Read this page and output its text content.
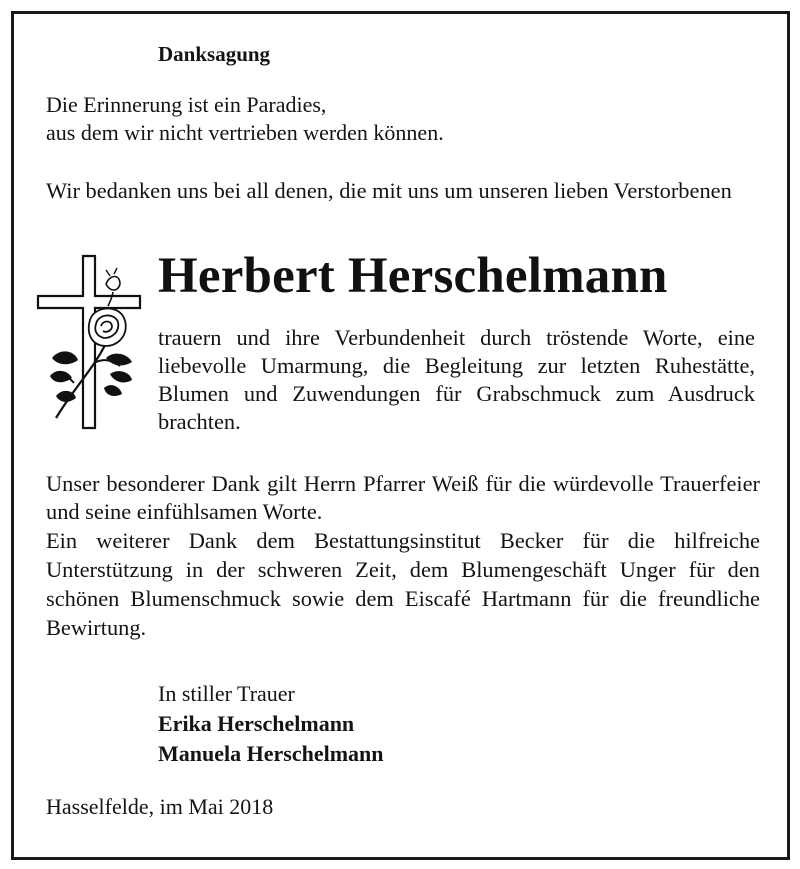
Danksagung

Die Erinnerung ist ein Paradies,

aus dem wir nicht vertrieben werden können.

Wir bedanken uns bei all denen, die mit uns um unseren lieben Verstorbenen

Herbert Herschelmann

trauern und ihre Verbundenheit durch tröstende Worte, eine liebevolle Umarmung, die Begleitung zur letzten Ruhestätte, Blumen und Zuwendungen für Grabschmuck zum Ausdruck brachten.

Unser besonderer Dank gilt Herrn Pfarrer Weiß für die würdevolle Trauerfeier und seine einfühlsamen Worte.

Ein weiterer Dank dem Bestattungsinstitut Becker für die hilfreiche Unterstützung in der schweren Zeit, dem Blumengeschäft Unger für den schönen Blumenschmuck sowie dem Eiscafé Hartmann für die freundliche Bewirtung.

In stiller Trauer
Erika Herschelmann
Manuela Herschelmann

Hasselfelde, im Mai 2018
